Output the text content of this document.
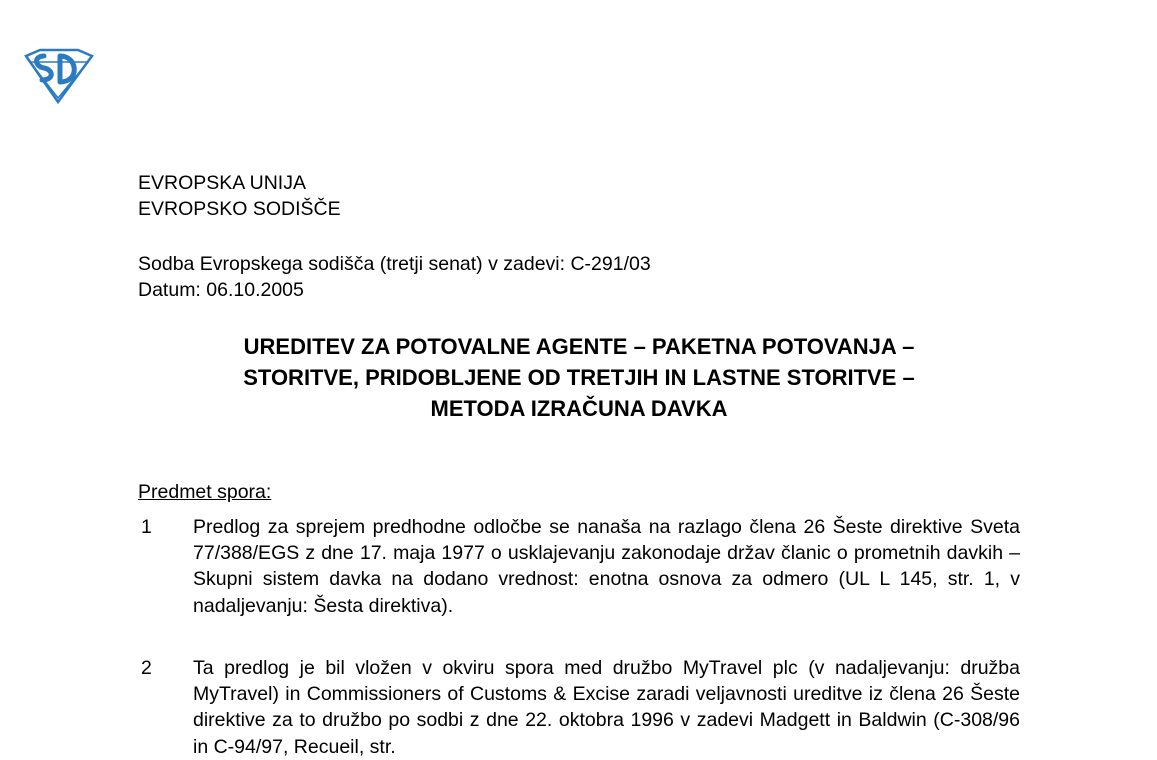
EVROPSKA UNIJA
EVROPSKO SODIŠČE
Sodba Evropskega sodišča (tretji senat) v zadevi: C-291/03
Datum: 06.10.2005
UREDITEV ZA POTOVALNE AGENTE – PAKETNA POTOVANJA –
STORITVE, PRIDOBLJENE OD TRETJIH IN LASTNE STORITVE –
METODA IZRAČUNA DAVKA
Predmet spora:
1 Predlog za sprejem predhodne odločbe se nanaša na razlago člena 26 Šeste direktive Sveta 77/388/EGS z dne 17. maja 1977 o usklajevanju zakonodaje držav članic o prometnih davkih – Skupni sistem davka na dodano vrednost: enotna osnova za odmero (UL L 145, str. 1, v nadaljevanju: Šesta direktiva).
2 Ta predlog je bil vložen v okviru spora med družbo MyTravel plc (v nadaljevanju: družba MyTravel) in Commissioners of Customs & Excise zaradi veljavnosti ureditve iz člena 26 Šeste direktive za to družbo po sodbi z dne 22. oktobra 1996 v zadevi Madgett in Baldwin (C-308/96 in C-94/97, Recueil, str.
